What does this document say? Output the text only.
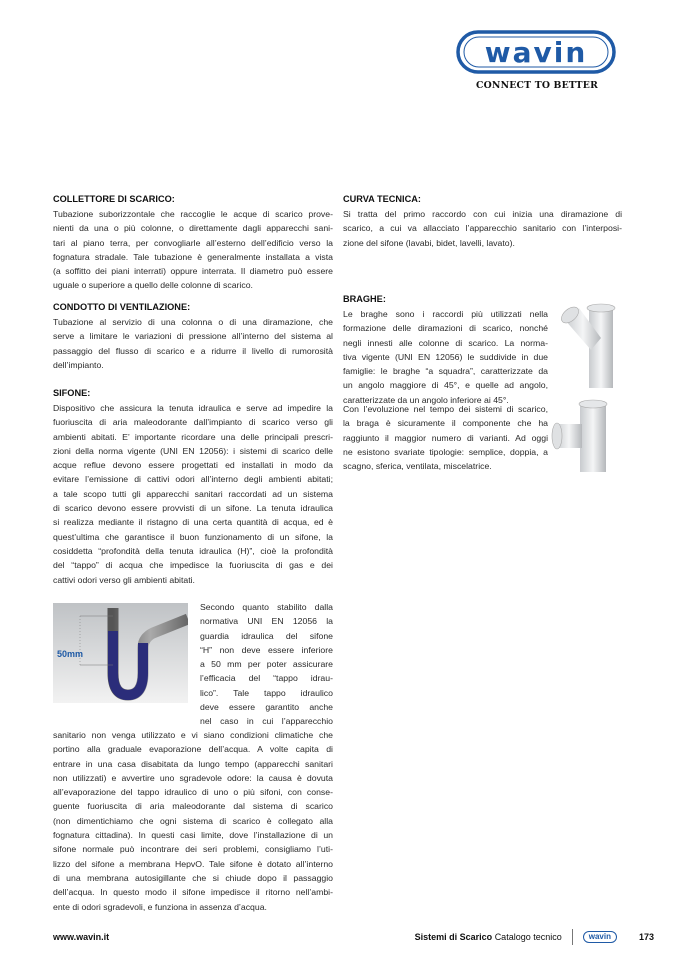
wavin
CONNECT TO BETTER
COLLETTORE DI SCARICO:
Tubazione suborizzontale che raccoglie le acque di scarico prove-
nienti da una o più colonne, o direttamente dagli apparecchi sani-
tari al piano terra, per convogliarle all’esterno dell’edificio verso la
fognatura stradale. Tale tubazione è generalmente installata a vista
(a soffitto dei piani interrati) oppure interrata. Il diametro può essere
uguale o superiore a quello delle colonne di scarico.
CONDOTTO DI VENTILAZIONE:
Tubazione al servizio di una colonna o di una diramazione, che
serve a limitare le variazioni di pressione all’interno del sistema al
passaggio del flusso di scarico e a ridurre il livello di rumorosità
dell’impianto.
SIFONE:
Dispositivo che assicura la tenuta idraulica e serve ad impedire la
fuoriuscita di aria maleodorante dall’impianto di scarico verso gli
ambienti abitati. E’ importante ricordare una delle principali prescri-
zioni della norma vigente (UNI EN 12056): i sistemi di scarico delle
acque reflue devono essere progettati ed installati in modo da
evitare l’emissione di cattivi odori all’interno degli ambienti abitati;
a tale scopo tutti gli apparecchi sanitari raccordati ad un sistema
di scarico devono essere provvisti di un sifone. La tenuta idraulica
si realizza mediante il ristagno di una certa quantità di acqua, ed è
quest’ultima che garantisce il buon funzionamento di un sifone, la
cosiddetta “profondità della tenuta idraulica (H)”, cioè la profondità
del “tappo” di acqua che impedisce la fuoriuscita di gas e dei
cattivi odori verso gli ambienti abitati.
50mm
Secondo quanto stabilito dalla
normativa UNI EN 12056 la
guardia idraulica del sifone
“H” non deve essere inferiore
a 50 mm per poter assicurare
l’efficacia del “tappo idrau-
lico”. Tale tappo idraulico
deve essere garantito anche
nel caso in cui l’apparecchio
sanitario non venga utilizzato e vi siano condizioni climatiche che
portino alla graduale evaporazione dell’acqua. A volte capita di
entrare in una casa disabitata da lungo tempo (apparecchi sanitari
non utilizzati) e avvertire uno sgradevole odore: la causa è dovuta
all’evaporazione del tappo idraulico di uno o più sifoni, con conse-
guente fuoriuscita di aria maleodorante dal sistema di scarico
(non dimentichiamo che ogni sistema di scarico è collegato alla
fognatura cittadina). In questi casi limite, dove l’installazione di un
sifone normale può incontrare dei seri problemi, consigliamo l’uti-
lizzo del sifone a membrana HepvO. Tale sifone è dotato all’interno
di una membrana autosigillante che si chiude dopo il passaggio
dell’acqua. In questo modo il sifone impedisce il ritorno nell’ambi-
ente di odori sgradevoli, e funziona in assenza d’acqua.
CURVA TECNICA:
Si tratta del primo raccordo con cui inizia una diramazione di
scarico, a cui va allacciato l’apparecchio sanitario con l’interposi-
zione del sifone (lavabi, bidet, lavelli, lavato).
BRAGHE:
Le braghe sono i raccordi più utilizzati nella
formazione delle diramazioni di scarico, nonché
negli innesti alle colonne di scarico. La norma-
tiva vigente (UNI EN 12056) le suddivide in due
famiglie: le braghe “a squadra”, caratterizzate da
un angolo maggiore di 45°, e quelle ad angolo,
caratterizzate da un angolo inferiore ai 45°.
Con l’evoluzione nel tempo dei sistemi di scarico,
la braga è sicuramente il componente che ha
raggiunto il maggior numero di varianti. Ad oggi
ne esistono svariate tipologie: semplice, doppia, a
scagno, sferica, ventilata, miscelatrice.
www.wavin.it	Sistemi di Scarico
Catalogo tecnico	wavin	173
